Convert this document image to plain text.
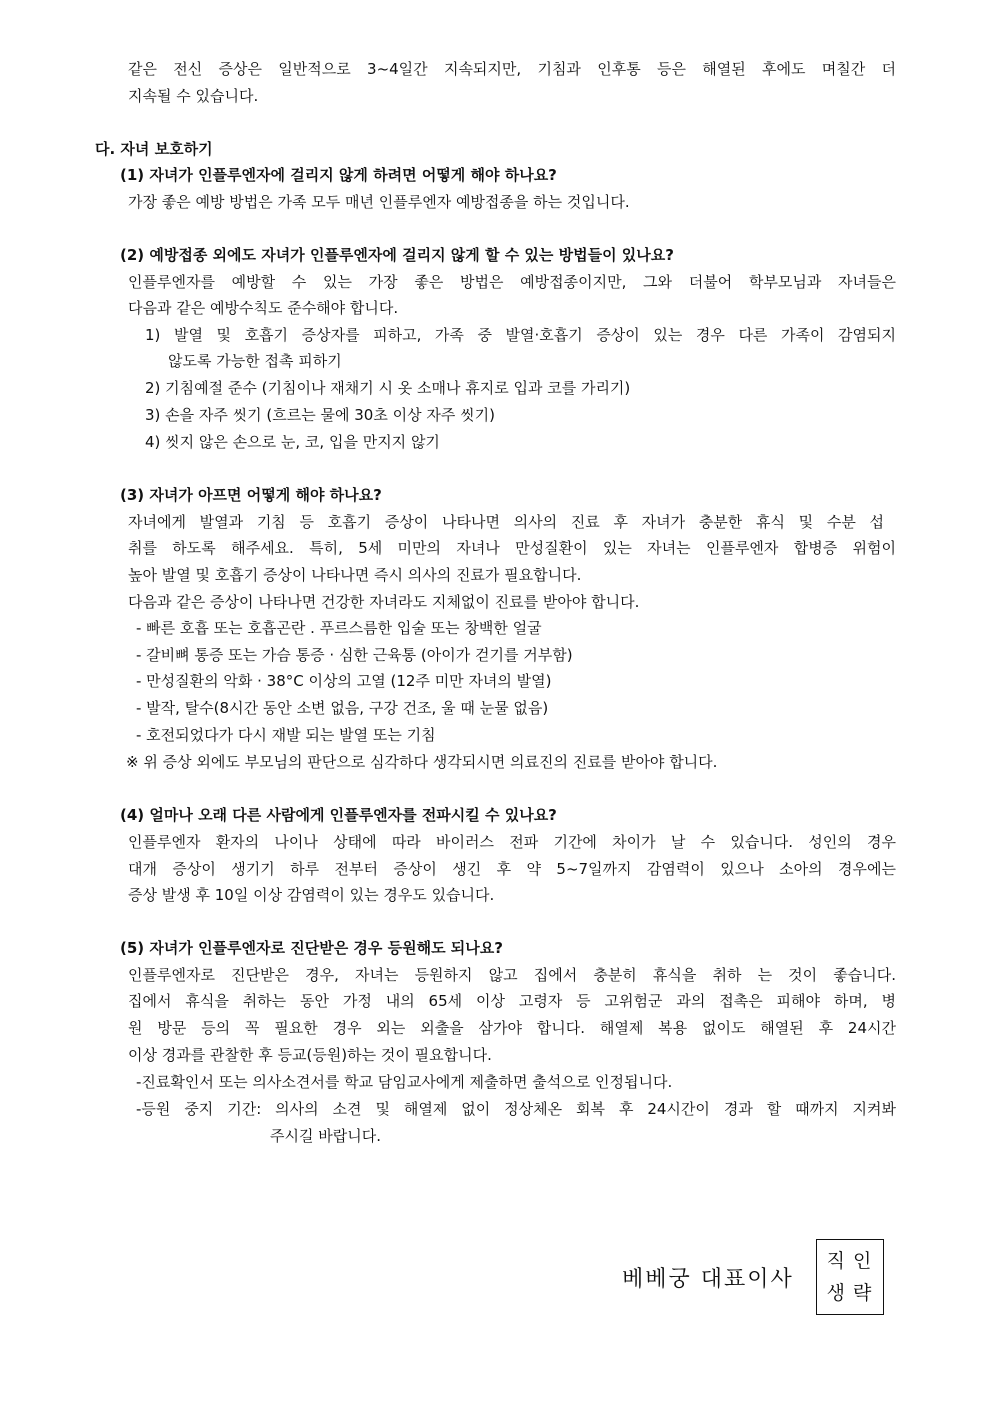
같은 전신 증상은 일반적으로 3~4일간 지속되지만, 기침과 인후통 등은 해열된 후에도 며칠간 더
지속될 수 있습니다.
다. 자녀 보호하기
(1) 자녀가 인플루엔자에 걸리지 않게 하려면 어떻게 해야 하나요?
가장 좋은 예방 방법은 가족 모두 매년 인플루엔자 예방접종을 하는 것입니다.
(2) 예방접종 외에도 자녀가 인플루엔자에 걸리지 않게 할 수 있는 방법들이 있나요?
인플루엔자를 예방할 수 있는 가장 좋은 방법은 예방접종이지만, 그와 더불어 학부모님과 자녀들은
다음과 같은 예방수칙도 준수해야 합니다.
1) 발열 및 호흡기 증상자를 피하고, 가족 중 발열·호흡기 증상이 있는 경우 다른 가족이 감염되지
않도록 가능한 접촉 피하기
2) 기침예절 준수 (기침이나 재채기 시 옷 소매나 휴지로 입과 코를 가리기)
3) 손을 자주 씻기 (흐르는 물에 30초 이상 자주 씻기)
4) 씻지 않은 손으로 눈, 코, 입을 만지지 않기
(3) 자녀가 아프면 어떻게 해야 하나요?
자녀에게 발열과 기침 등 호흡기 증상이 나타나면 의사의 진료 후 자녀가 충분한 휴식 및 수분 섭
취를 하도록 해주세요. 특히, 5세 미만의 자녀나 만성질환이 있는 자녀는 인플루엔자 합병증 위험이
높아 발열 및 호흡기 증상이 나타나면 즉시 의사의 진료가 필요합니다.
다음과 같은 증상이 나타나면 건강한 자녀라도 지체없이 진료를 받아야 합니다.
- 빠른 호흡 또는 호흡곤란 . 푸르스름한 입술 또는 창백한 얼굴
- 갈비뼈 통증 또는 가슴 통증 · 심한 근육통 (아이가 걷기를 거부함)
- 만성질환의 악화 · 38°C 이상의 고열 (12주 미만 자녀의 발열)
- 발작, 탈수(8시간 동안 소변 없음, 구강 건조, 울 때 눈물 없음)
- 호전되었다가 다시 재발 되는 발열 또는 기침
※ 위 증상 외에도 부모님의 판단으로 심각하다 생각되시면 의료진의 진료를 받아야 합니다.
(4) 얼마나 오래 다른 사람에게 인플루엔자를 전파시킬 수 있나요?
인플루엔자 환자의 나이나 상태에 따라 바이러스 전파 기간에 차이가 날 수 있습니다. 성인의 경우
대개 증상이 생기기 하루 전부터 증상이 생긴 후 약 5~7일까지 감염력이 있으나 소아의 경우에는
증상 발생 후 10일 이상 감염력이 있는 경우도 있습니다.
(5) 자녀가 인플루엔자로 진단받은 경우 등원해도 되나요?
인플루엔자로 진단받은 경우, 자녀는 등원하지 않고 집에서 충분히 휴식을 취하 는 것이 좋습니다.
집에서 휴식을 취하는 동안 가정 내의 65세 이상 고령자 등 고위험군 과의 접촉은 피해야 하며, 병
원 방문 등의 꼭 필요한 경우 외는 외출을 삼가야 합니다. 해열제 복용 없이도 해열된 후 24시간
이상 경과를 관찰한 후 등교(등원)하는 것이 필요합니다.
-진료확인서 또는 의사소견서를 학교 담임교사에게 제출하면 출석으로 인정됩니다.
-등원 중지 기간: 의사의 소견 및 해열제 없이 정상체온 회복 후 24시간이 경과 할 때까지 지켜봐
주시길 바랍니다.
베베궁 대표이사
직인
생략
